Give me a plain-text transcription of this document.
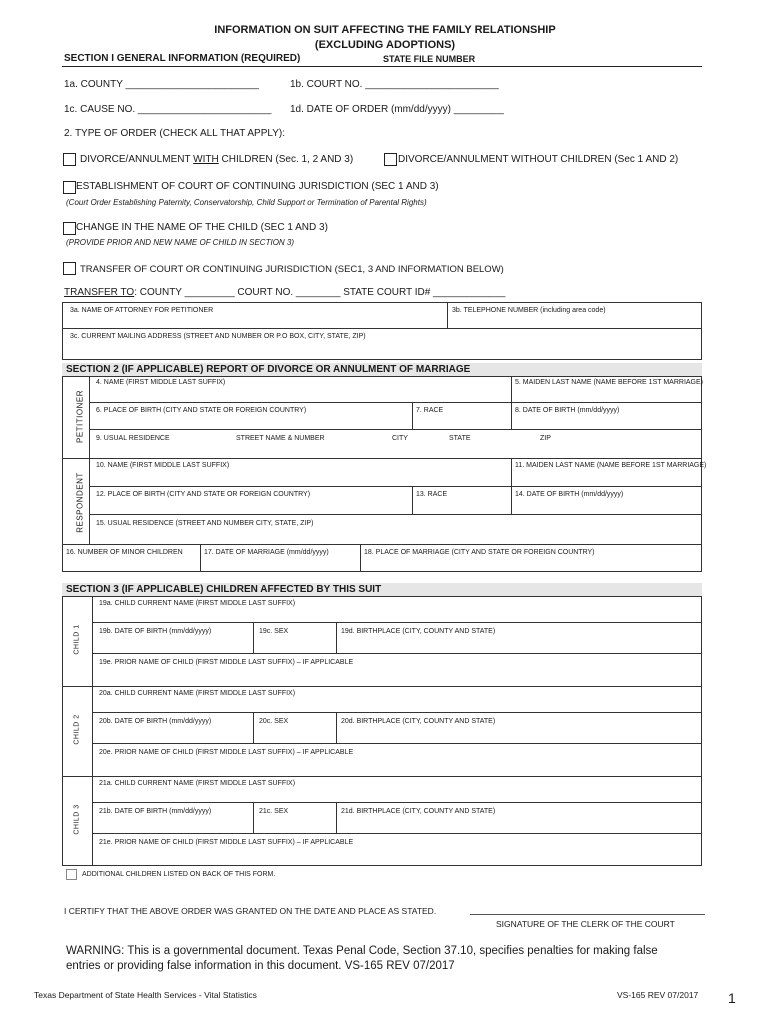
INFORMATION ON SUIT AFFECTING THE FAMILY RELATIONSHIP
(EXCLUDING ADOPTIONS)
SECTION I GENERAL INFORMATION (REQUIRED)	STATE FILE NUMBER
1a. COUNTY ________________________	1b. COURT NO. ________________________
1c. CAUSE NO. ________________________ 1d. DATE OF ORDER (mm/dd/yyyy) _________
2. TYPE OF ORDER (CHECK ALL THAT APPLY):
DIVORCE/ANNULMENT WITH CHILDREN (Sec. 1, 2 AND 3)	DIVORCE/ANNULMENT WITHOUT CHILDREN (Sec 1 AND 2)
ESTABLISHMENT OF COURT OF CONTINUING JURISDICTION (SEC 1 AND 3)
(Court Order Establishing Paternity, Conservatorship, Child Support or Termination of Parental Rights)
CHANGE IN THE NAME OF THE CHILD (SEC 1 AND 3)
(PROVIDE PRIOR AND NEW NAME OF CHILD IN SECTION 3)
TRANSFER OF COURT OR CONTINUING JURISDICTION (SEC1, 3 AND INFORMATION BELOW)
TRANSFER TO: COUNTY _________ COURT NO. ________ STATE COURT ID# _____________
3a. NAME OF ATTORNEY FOR PETITIONER	3b. TELEPHONE NUMBER (including area code)
3c. CURRENT MAILING ADDRESS (STREET AND NUMBER OR P.O BOX, CITY, STATE, ZIP)
SECTION 2 (IF APPLICABLE) REPORT OF DIVORCE OR ANNULMENT OF MARRIAGE
PETITIONER
RESPONDENT
4. NAME (FIRST MIDDLE LAST SUFFIX)	5. MAIDEN LAST NAME (NAME BEFORE 1ST MARRIAGE)
6. PLACE OF BIRTH (CITY AND STATE OR FOREIGN COUNTRY)	7. RACE	8. DATE OF BIRTH (mm/dd/yyyy)
9. USUAL RESIDENCE	STREET NAME & NUMBER	CITY	STATE	ZIP
10. NAME (FIRST MIDDLE LAST SUFFIX)	11. MAIDEN LAST NAME (NAME BEFORE 1ST MARRIAGE)
12. PLACE OF BIRTH (CITY AND STATE OR FOREIGN COUNTRY)	13. RACE	14. DATE OF BIRTH (mm/dd/yyyy)
15. USUAL RESIDENCE (STREET AND NUMBER CITY, STATE, ZIP)
16. NUMBER OF MINOR CHILDREN	17. DATE OF MARRIAGE (mm/dd/yyyy)	18. PLACE OF MARRIAGE (CITY AND STATE OR FOREIGN COUNTRY)
SECTION 3 (IF APPLICABLE) CHILDREN AFFECTED BY THIS SUIT
CHILD 1
19a. CHILD CURRENT NAME (FIRST MIDDLE LAST SUFFIX)
19b. DATE OF BIRTH (mm/dd/yyyy)	19c. SEX	19d. BIRTHPLACE (CITY, COUNTY AND STATE)
19e. PRIOR NAME OF CHILD (FIRST MIDDLE LAST SUFFIX) – IF APPLICABLE
CHILD 2
20a. CHILD CURRENT NAME (FIRST MIDDLE LAST SUFFIX)
20b. DATE OF BIRTH (mm/dd/yyyy)	20c. SEX	20d. BIRTHPLACE (CITY, COUNTY AND STATE)
20e. PRIOR NAME OF CHILD (FIRST MIDDLE LAST SUFFIX) – IF APPLICABLE
CHILD 3
21a. CHILD CURRENT NAME (FIRST MIDDLE LAST SUFFIX)
21b. DATE OF BIRTH (mm/dd/yyyy)	21c. SEX	21d. BIRTHPLACE (CITY, COUNTY AND STATE)
21e. PRIOR NAME OF CHILD (FIRST MIDDLE LAST SUFFIX) – IF APPLICABLE
ADDITIONAL CHILDREN LISTED ON BACK OF THIS FORM.
I CERTIFY THAT THE ABOVE ORDER WAS GRANTED ON THE DATE AND PLACE AS STATED.
SIGNATURE OF THE CLERK OF THE COURT
WARNING: This is a governmental document. Texas Penal Code, Section 37.10, specifies penalties for making false
entries or providing false information in this document. VS-165 REV 07/2017
Texas Department of State Health Services - Vital Statistics	VS-165 REV 07/2017 1
